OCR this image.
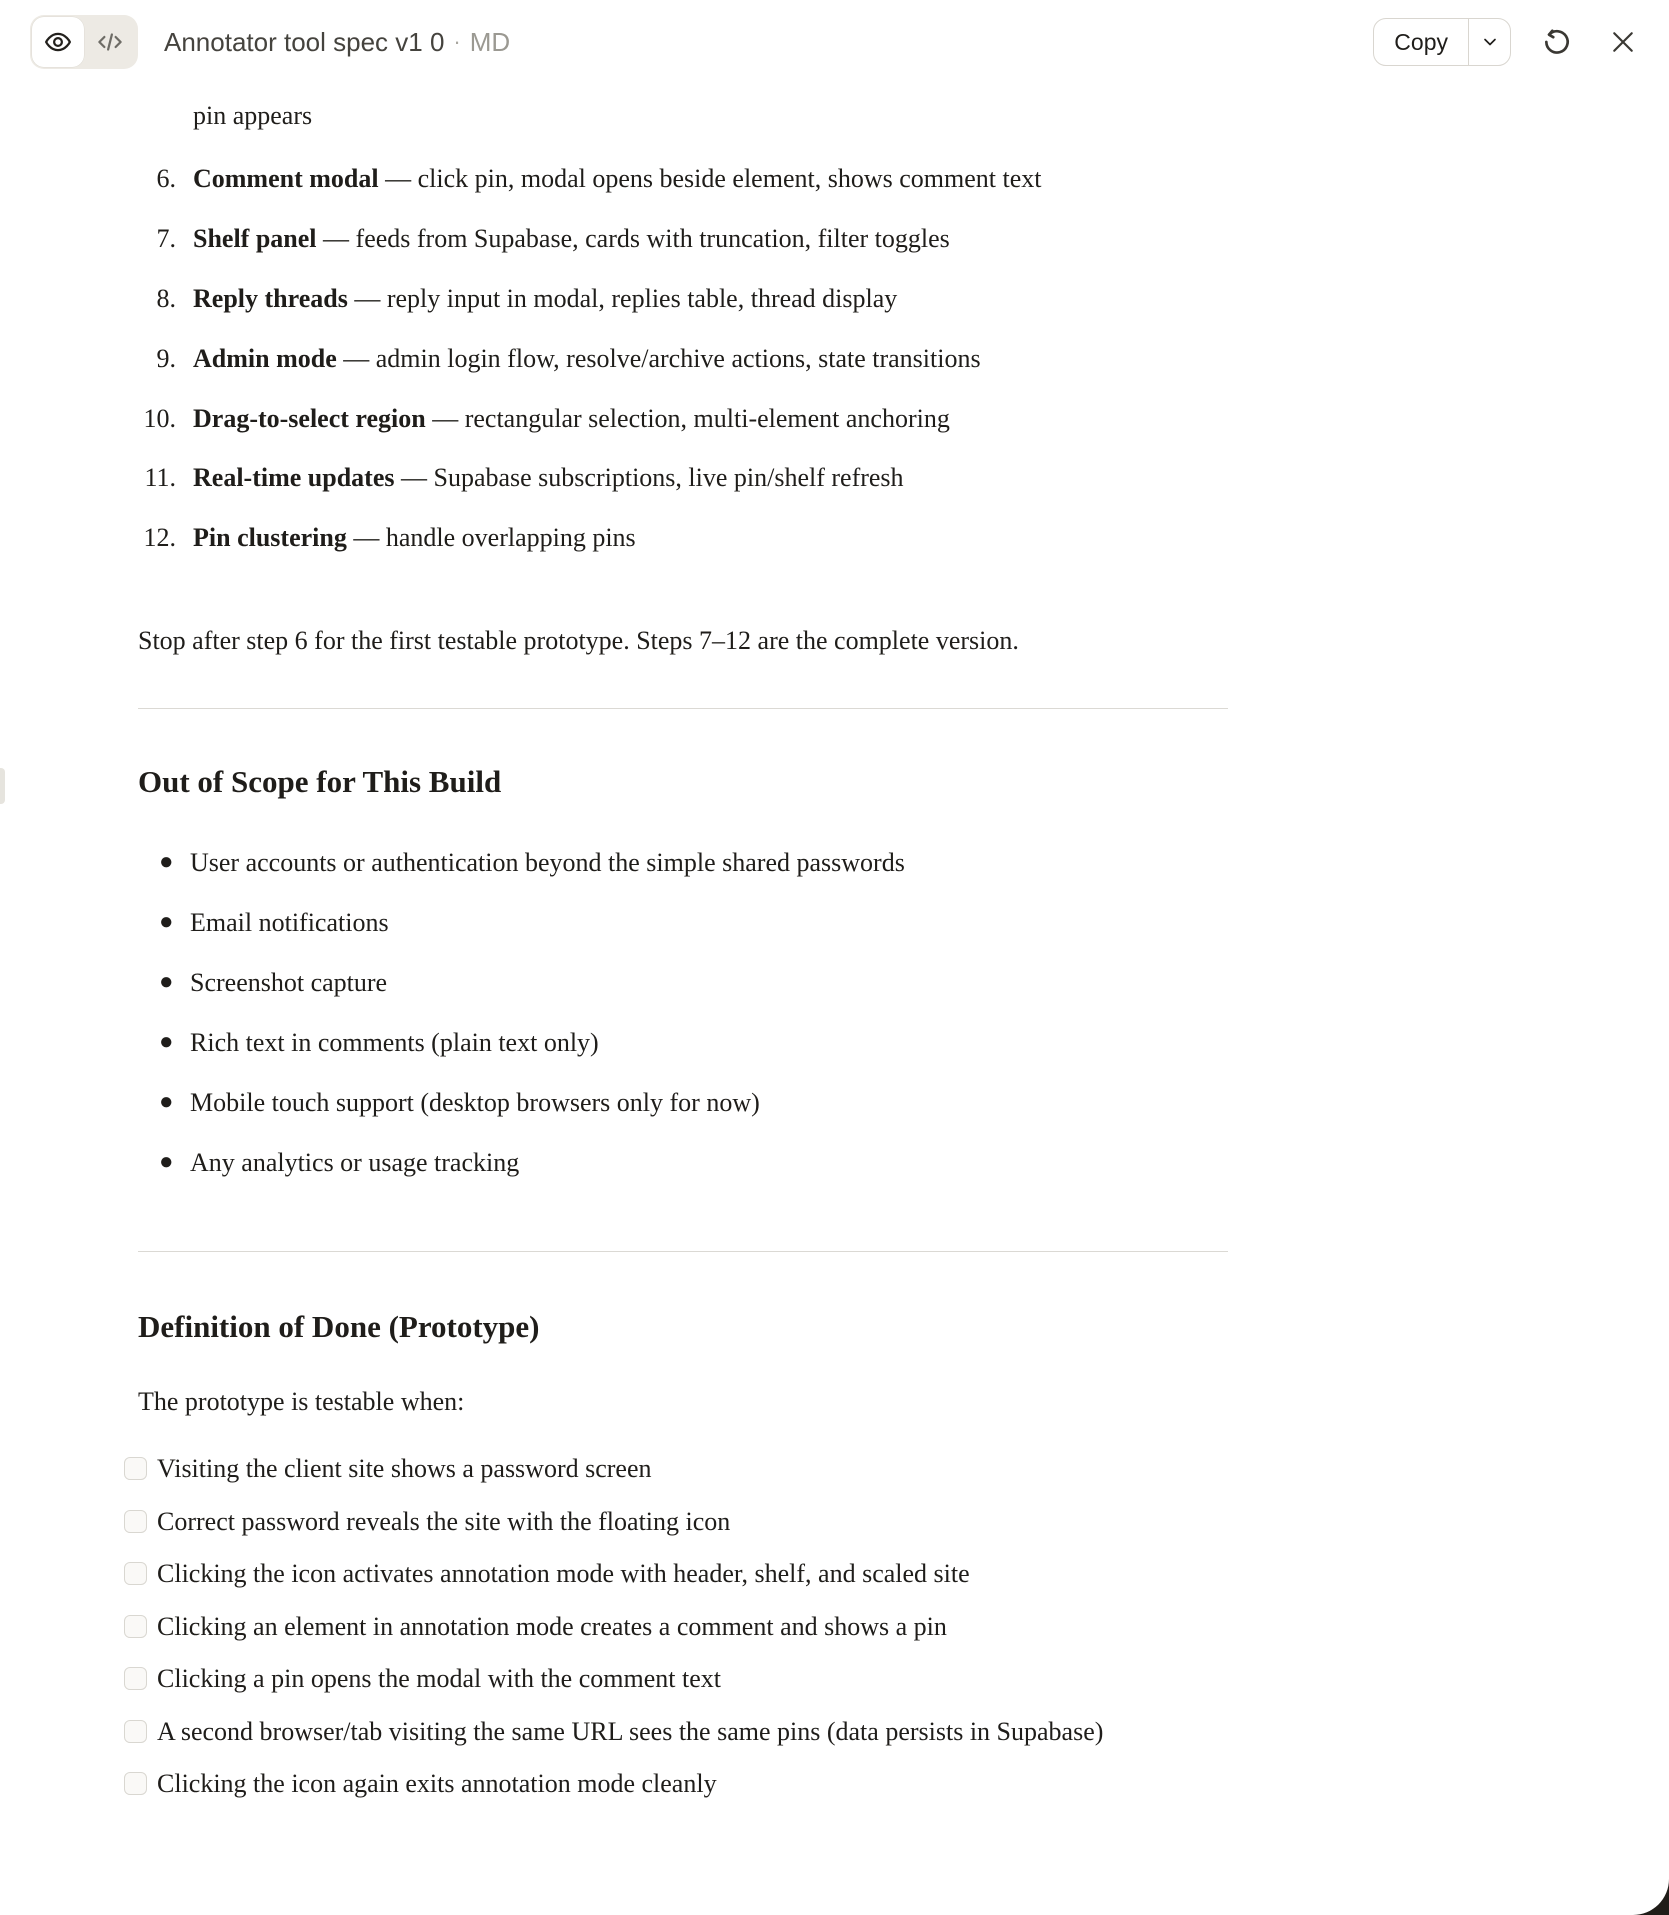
Annotator tool spec v1 0 · MD	Copy

pin appears

6. Comment modal — click pin, modal opens beside element, shows comment text
7. Shelf panel — feeds from Supabase, cards with truncation, filter toggles
8. Reply threads — reply input in modal, replies table, thread display
9. Admin mode — admin login flow, resolve/archive actions, state transitions
10. Drag-to-select region — rectangular selection, multi-element anchoring
11. Real-time updates — Supabase subscriptions, live pin/shelf refresh
12. Pin clustering — handle overlapping pins

Stop after step 6 for the first testable prototype. Steps 7–12 are the complete version.

Out of Scope for This Build
●︎ User accounts or authentication beyond the simple shared passwords
●︎ Email notifications
●︎ Screenshot capture
●︎ Rich text in comments (plain text only)
●︎ Mobile touch support (desktop browsers only for now)
●︎ Any analytics or usage tracking
Definition of Done (Prototype)

The prototype is testable when:

Visiting the client site shows a password screen
Correct password reveals the site with the floating icon
Clicking the icon activates annotation mode with header, shelf, and scaled site
Clicking an element in annotation mode creates a comment and shows a pin
Clicking a pin opens the modal with the comment text
A second browser/tab visiting the same URL sees the same pins (data persists in Supabase)
Clicking the icon again exits annotation mode cleanly
